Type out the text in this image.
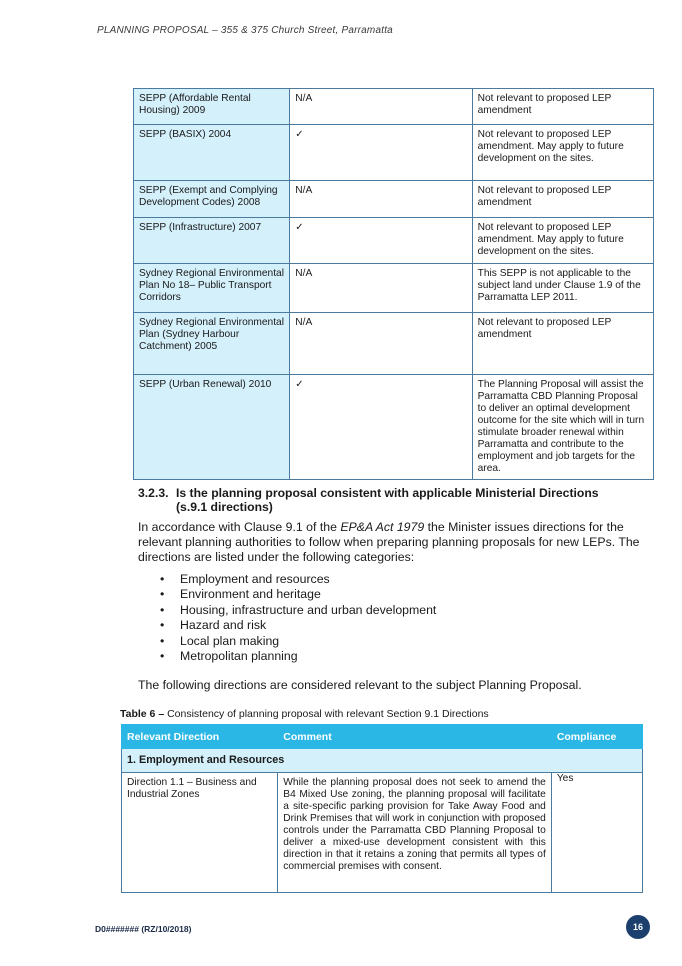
PLANNING PROPOSAL – 355 & 375 Church Street, Parramatta
SEPP (Affordable Rental Housing) 2009	N/A	Not relevant to proposed LEP amendment
SEPP (BASIX) 2004	✓	Not relevant to proposed LEP amendment. May apply to future development on the sites.
SEPP (Exempt and Complying Development Codes) 2008	N/A	Not relevant to proposed LEP amendment
SEPP (Infrastructure) 2007	✓	Not relevant to proposed LEP amendment. May apply to future development on the sites.
Sydney Regional Environmental Plan No 18– Public Transport Corridors	N/A	This SEPP is not applicable to the subject land under Clause 1.9 of the Parramatta LEP 2011.
Sydney Regional Environmental Plan (Sydney Harbour Catchment) 2005	N/A	Not relevant to proposed LEP amendment
SEPP (Urban Renewal) 2010	✓	The Planning Proposal will assist the Parramatta CBD Planning Proposal to deliver an optimal development outcome for the site which will in turn stimulate broader renewal within Parramatta and contribute to the employment and job targets for the area.
3.2.3. Is the planning proposal consistent with applicable Ministerial Directions
(s.9.1 directions)
In accordance with Clause 9.1 of the EP&A Act 1979 the Minister issues directions for the relevant planning authorities to follow when preparing planning proposals for new LEPs. The directions are listed under the following categories:
• Employment and resources
• Environment and heritage
• Housing, infrastructure and urban development
• Hazard and risk
• Local plan making
• Metropolitan planning
The following directions are considered relevant to the subject Planning Proposal.
Table 6 – Consistency of planning proposal with relevant Section 9.1 Directions
Relevant Direction	Comment	Compliance
1. Employment and Resources		
Direction 1.1 – Business and Industrial Zones	While the planning proposal does not seek to amend the B4 Mixed Use zoning, the planning proposal will facilitate a site-specific parking provision for Take Away Food and Drink Premises that will work in conjunction with proposed controls under the Parramatta CBD Planning Proposal to deliver a mixed-use development consistent with this direction in that it retains a zoning that permits all types of commercial premises with consent.	Yes
D0####### (RZ/10/2018)	16
